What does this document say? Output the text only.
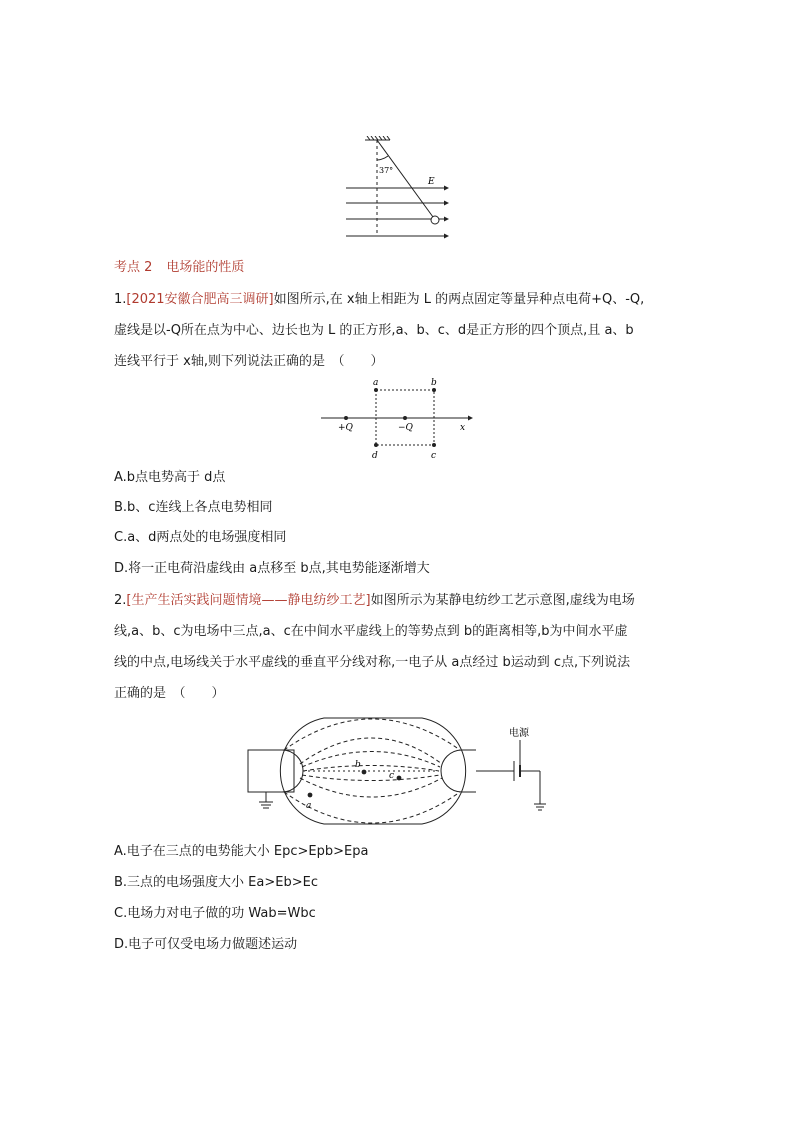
37°
E
考点 2 电场能的性质
1.[2021安徽合肥高三调研]如图所示,在 x轴上相距为 L 的两点固定等量异种点电荷+Q、-Q,
虚线是以-Q所在点为中心、边长也为 L 的正方形,a、b、c、d是正方形的四个顶点,且 a、b
连线平行于 x轴,则下列说法正确的是　（　　）
a	b
c
d
+Q	−Q	x
A.b点电势高于 d点
B.b、c连线上各点电势相同
C.a、d两点处的电场强度相同
D.将一正电荷沿虚线由 a点移至 b点,其电势能逐渐增大
2.[生产生活实践问题情境——静电纺纱工艺]如图所示为某静电纺纱工艺示意图,虚线为电场
线,a、b、c为电场中三点,a、c在中间水平虚线上的等势点到 b的距离相等,b为中间水平虚
线的中点,电场线关于水平虚线的垂直平分线对称,一电子从 a点经过 b运动到 c点,下列说法
正确的是　（　　）
b
c
a
电源
A.电子在三点的电势能大小 Epc>Epb>Epa
B.三点的电场强度大小 Ea>Eb>Ec
C.电场力对电子做的功 Wab=Wbc
D.电子可仅受电场力做题述运动
